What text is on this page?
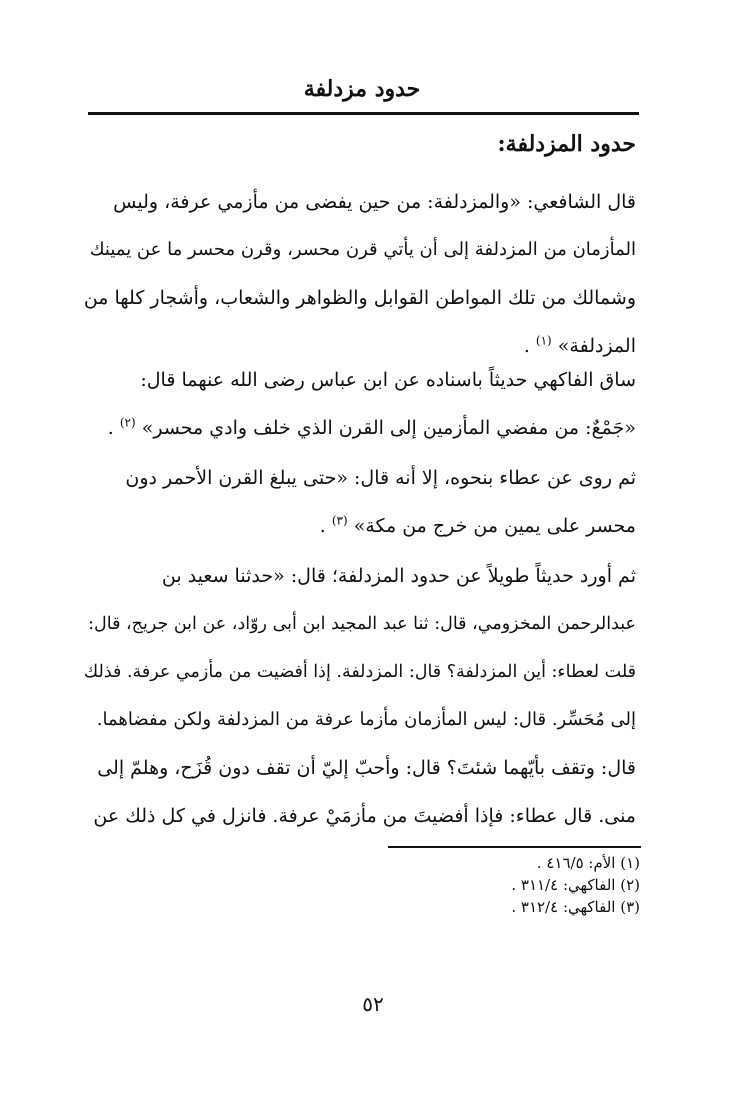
حدود مزدلفة
حدود المزدلفة:
قال الشافعي: «والمزدلفة: من حين يفضى من مأزمي عرفة، وليس
المأزمان من المزدلفة إلى أن يأتي قرن محسر، وقرن محسر ما عن يمينك
وشمالك من تلك المواطن القوابل والظواهر والشعاب، وأشجار كلها من
المزدلفة» $^{(١)}$ .
ساق الفاكهي حديثاً باسناده عن ابن عباس رضى الله عنهما قال:
«جَمْعٌ: من مفضي المأزمين إلى القرن الذي خلف وادي محسر» $^{(٢)}$ .
ثم روى عن عطاء بنحوه، إلا أنه قال: «حتى يبلغ القرن الأحمر دون
محسر على يمين من خرج من مكة» $^{(٣)}$ .
ثم أورد حديثاً طويلاً عن حدود المزدلفة؛ قال: «حدثنا سعيد بن
عبدالرحمن المخزومي، قال: ثنا عبد المجيد ابن أبى روّاد، عن ابن جريج، قال:
قلت لعطاء: أين المزدلفة؟ قال: المزدلفة. إذا أفضيت من مأزمي عرفة. فذلك
إلى مُحَسِّر. قال: ليس المأزمان مأزما عرفة من المزدلفة ولكن مفضاهما.
قال: وتقف بأيّهما شئتَ؟ قال: وأحبّ إليّ أن تقف دون قُزَح، وهلمّ إلى
منى. قال عطاء: فإذا أفضيتَ من مأزمَيْ عرفة. فانزل في كل ذلك عن
(١) الأم: ٤١٦/٥ .
(٢) الفاكهي: ٣١١/٤ .
(٣) الفاكهي: ٣١٢/٤ .
٥٢
